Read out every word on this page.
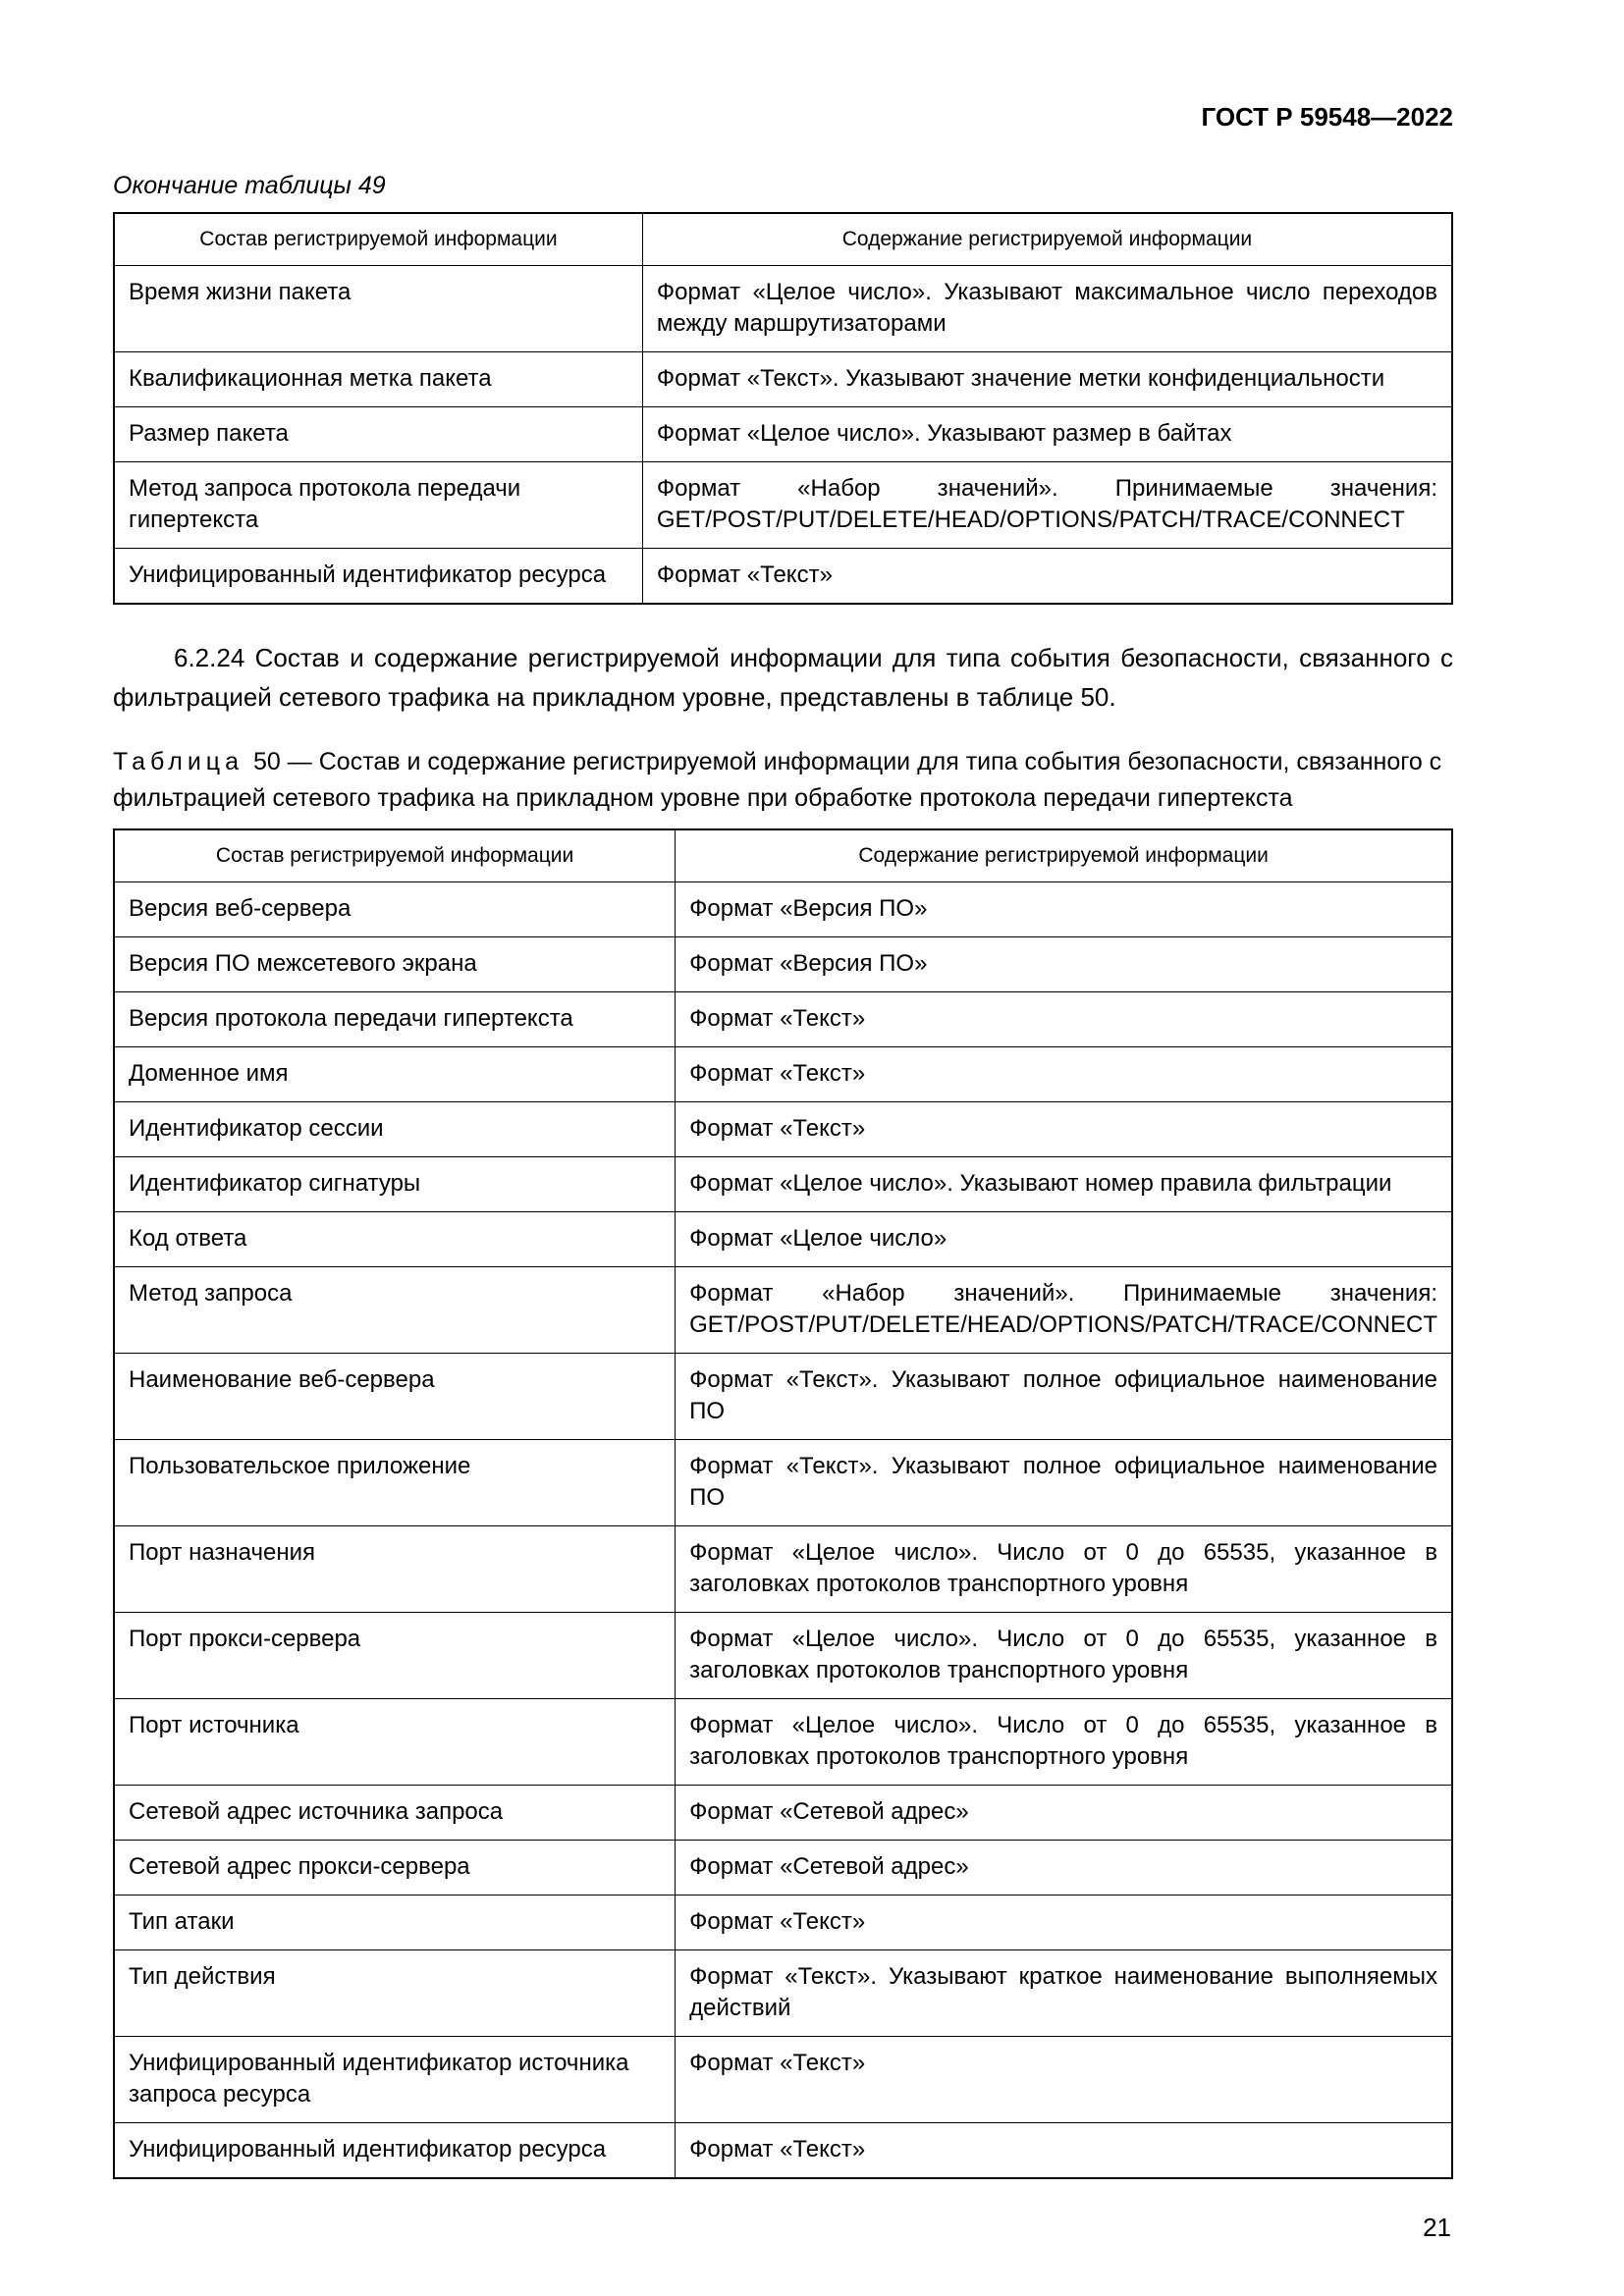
ГОСТ Р 59548—2022
Окончание таблицы 49
Состав регистрируемой информации	Содержание регистрируемой информации
Время жизни пакета	Формат «Целое число». Указывают максимальное число переходов между маршрутизаторами
Квалификационная метка пакета	Формат «Текст». Указывают значение метки конфиденциальности
Размер пакета	Формат «Целое число». Указывают размер в байтах
Метод запроса протокола передачи гипертекста	Формат «Набор значений». Принимаемые значения: GET/POST/PUT/DELETE/HEAD/OPTIONS/PATCH/TRACE/CONNECT
Унифицированный идентификатор ресурса	Формат «Текст»

6.2.24 Состав и содержание регистрируемой информации для типа события безопасности, связанного с фильтрацией сетевого трафика на прикладном уровне, представлены в таблице 50.

Таблица 50 — Состав и содержание регистрируемой информации для типа события безопасности, связанного с фильтрацией сетевого трафика на прикладном уровне при обработке протокола передачи гипертекста

Состав регистрируемой информации	Содержание регистрируемой информации
Версия веб-сервера	Формат «Версия ПО»
Версия ПО межсетевого экрана	Формат «Версия ПО»
Версия протокола передачи гипертекста	Формат «Текст»
Доменное имя	Формат «Текст»
Идентификатор сессии	Формат «Текст»
Идентификатор сигнатуры	Формат «Целое число». Указывают номер правила фильтрации
Код ответа	Формат «Целое число»
Метод запроса	Формат «Набор значений». Принимаемые значения: GET/POST/PUT/DELETE/HEAD/OPTIONS/PATCH/TRACE/CONNECT
Наименование веб-сервера	Формат «Текст». Указывают полное официальное наименование ПО
Пользовательское приложение	Формат «Текст». Указывают полное официальное наименование ПО
Порт назначения	Формат «Целое число». Число от 0 до 65535, указанное в заголовках протоколов транспортного уровня
Порт прокси-сервера	Формат «Целое число». Число от 0 до 65535, указанное в заголовках протоколов транспортного уровня
Порт источника	Формат «Целое число». Число от 0 до 65535, указанное в заголовках протоколов транспортного уровня
Сетевой адрес источника запроса	Формат «Сетевой адрес»
Сетевой адрес прокси-сервера	Формат «Сетевой адрес»
Тип атаки	Формат «Текст»
Тип действия	Формат «Текст». Указывают краткое наименование выполняемых действий
Унифицированный идентификатор источника запроса ресурса	Формат «Текст»
Унифицированный идентификатор ресурса	Формат «Текст»
21
